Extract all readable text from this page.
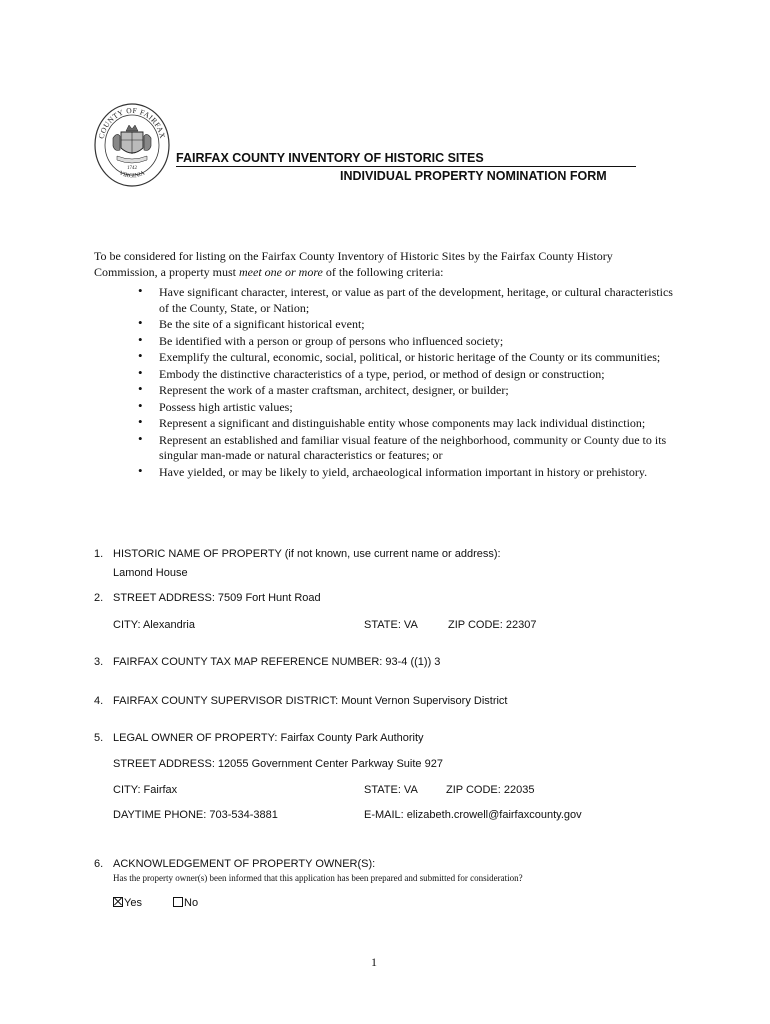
COUNTY OF FAIRFAX
VIRGINIA
1742
FAIRFAX COUNTY INVENTORY OF HISTORIC SITES
INDIVIDUAL PROPERTY NOMINATION FORM
To be considered for listing on the Fairfax County Inventory of Historic Sites by the Fairfax County History Commission, a property must meet one or more of the following criteria:
• Have significant character, interest, or value as part of the development, heritage, or cultural characteristics of the County, State, or Nation;
• Be the site of a significant historical event;
• Be identified with a person or group of persons who influenced society;
• Exemplify the cultural, economic, social, political, or historic heritage of the County or its communities;
• Embody the distinctive characteristics of a type, period, or method of design or construction;
• Represent the work of a master craftsman, architect, designer, or builder;
• Possess high artistic values;
• Represent a significant and distinguishable entity whose components may lack individual distinction;
• Represent an established and familiar visual feature of the neighborhood, community or County due to its singular man-made or natural characteristics or features; or
• Have yielded, or may be likely to yield, archaeological information important in history or prehistory.
1. HISTORIC NAME OF PROPERTY (if not known, use current name or address):
Lamond House
2. STREET ADDRESS: 7509 Fort Hunt Road
CITY: Alexandria	STATE: VA	ZIP CODE: 22307
3. FAIRFAX COUNTY TAX MAP REFERENCE NUMBER: 93-4 ((1)) 3
4. FAIRFAX COUNTY SUPERVISOR DISTRICT: Mount Vernon Supervisory District
5. LEGAL OWNER OF PROPERTY: Fairfax County Park Authority
STREET ADDRESS: 12055 Government Center Parkway Suite 927
CITY: Fairfax	STATE: VA	ZIP CODE: 22035
DAYTIME PHONE: 703-534-3881	E-MAIL: elizabeth.crowell@fairfaxcounty.gov
6. ACKNOWLEDGEMENT OF PROPERTY OWNER(S):
Has the property owner(s) been informed that this application has been prepared and submitted for consideration?
Yes	No
1
